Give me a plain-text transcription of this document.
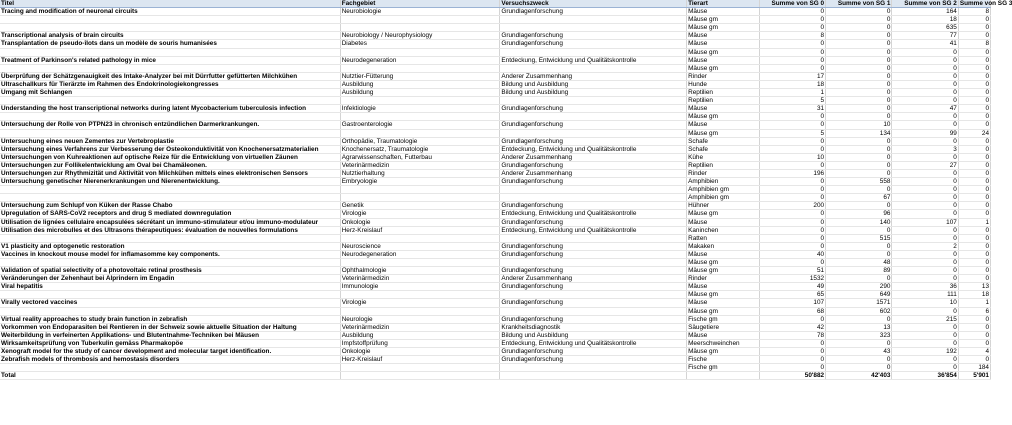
Titel	Fachgebiet	Versuchszweck	Tierart	Summe von SG 0	Summe von SG 1	Summe von SG 2	Summe von SG 3
Tracing and modification of neuronal circuits	Neurobiologie	Grundlagenforschung	Mäuse	0	0	164	8
			Mäuse gm	0	0	18	0
			Mäuse gm	0	0	635	0
Transcriptional analysis of brain circuits	Neurobiology / Neurophysiology	Grundlagenforschung	Mäuse	8	0	77	0
Transplantation de pseudo-îlots dans un modèle de souris humanisées	Diabetes	Grundlagenforschung	Mäuse	0	0	41	8
			Mäuse gm	0	0	0	0
Treatment of Parkinson's related pathology in mice	Neurodegeneration	Entdeckung, Entwicklung und Qualitätskontrolle	Mäuse	0	0	0	0
			Mäuse gm	0	0	0	0
Überprüfung der Schätzgenauigkeit des Intake-Analyzer bei mit Dürrfutter gefütterten Milchkühen	Nutztier-Fütterung	Anderer Zusammenhang	Rinder	17	0	0	0
Ultraschallkurs für Tierärzte im Rahmen des Endokrinologiekongresses	Ausbildung	Bildung und Ausbildung	Hunde	18	0	0	0
Umgang mit Schlangen	Ausbildung	Bildung und Ausbildung	Reptilien	1	0	0	0
			Reptilien	5	0	0	0
Understanding the host transcriptional networks during latent Mycobacterium tuberculosis infection	Infektiologie	Grundlagenforschung	Mäuse	31	0	47	0
			Mäuse gm	0	0	0	0
Untersuchung der Rolle von PTPN23 in chronisch entzündlichen Darmerkrankungen.	Gastroenterologie	Grundlagenforschung	Mäuse	0	10	0	0
			Mäuse gm	5	134	99	24
Untersuchung eines neuen Zementes zur Vertebroplastie	Orthopädie, Traumatologie	Grundlagenforschung	Schafe	0	0	0	0
Untersuchung eines Verfahrens zur Verbesserung der Osteokonduktivität von Knochenersatzmaterialien	Knochenersatz, Traumatologie	Entdeckung, Entwicklung und Qualitätskontrolle	Schafe	0	0	3	0
Untersuchungen von Kuhreaktionen auf optische Reize für die Entwicklung von virtuellen Zäunen	Agrarwissenschaften, Futterbau	Anderer Zusammenhang	Kühe	10	0	0	0
Untersuchungen zur Follikelentwicklung am Oval bei Chamäleonen.	Veterinärmedizin	Grundlagenforschung	Reptilien	0	0	27	0
Untersuchungen zur Rhythmizität und Aktivität von Milchkühen mittels eines elektronischen Sensors	Nutztierhaltung	Anderer Zusammenhang	Rinder	196	0	0	0
Untersuchung genetischer Nierenerkrankungen und Nierenentwicklung.	Embryologie	Grundlagenforschung	Amphibien	0	558	0	0
			Amphibien gm	0	0	0	0
			Amphibien gm	0	67	0	0
Untersuchung zum Schlupf von Küken der Rasse Chabo	Genetik	Grundlagenforschung	Hühner	200	0	0	0
Upregulation of SARS-CoV2 receptors and drug S mediated downregulation	Virologie	Entdeckung, Entwicklung und Qualitätskontrolle	Mäuse gm	0	96	0	0
Utilisation de lignées cellulaire encapsulées sécrétant un immuno-stimulateur et/ou immuno-modulateur	Onkologie	Grundlagenforschung	Mäuse	0	140	107	1
Utilisation des microbulles et des Ultrasons thérapeutiques: évaluation de nouvelles formulations	Herz-Kreislauf	Entdeckung, Entwicklung und Qualitätskontrolle	Kaninchen	0	0	0	0
			Ratten	0	515	0	0
V1 plasticity and optogenetic restoration	Neuroscience	Grundlagenforschung	Makaken	0	0	2	0
Vaccines in knockout mouse model for inflamasomme key components.	Neurodegeneration	Grundlagenforschung	Mäuse	40	0	0	0
			Mäuse gm	0	48	0	0
Validation of spatial selectivity of a photovoltaic retinal prosthesis	Ophthalmologie	Grundlagenforschung	Mäuse gm	51	89	0	0
Veränderungen der Zehenhaut bei Alprindern im Engadin	Veterinärmedizin	Anderer Zusammenhang	Rinder	1532	0	0	0
Viral hepatitis	Immunologie	Grundlagenforschung	Mäuse	49	290	36	13
			Mäuse gm	65	649	111	18
Virally vectored vaccines	Virologie	Grundlagenforschung	Mäuse	107	1571	10	1
			Mäuse gm	68	602	0	6
Virtual reality approaches to study brain function in zebrafish	Neurologie	Grundlagenforschung	Fische gm	0	0	215	0
Vorkommen von Endoparasiten bei Rentieren in der Schweiz sowie aktuelle Situation der Haltung	Veterinärmedizin	Krankheitsdiagnostik	Säugetiere	42	13	0	0
Weiterbildung in verfeinerten Applikations- und Blutentnahme-Techniken bei Mäusen	Ausbildung	Bildung und Ausbildung	Mäuse	78	323	0	0
Wirksamkeitsprüfung von Tuberkulin gemäss Pharmakopöe	Impfstoffprüfung	Entdeckung, Entwicklung und Qualitätskontrolle	Meerschweinchen	0	0	0	0
Xenograft model for the study of cancer development and molecular target identification.	Onkologie	Grundlagenforschung	Mäuse gm	0	43	192	4
Zebrafish models of thrombosis and hemostasis disorders	Herz-Kreislauf	Grundlagenforschung	Fische	0	0	0	0
			Fische gm	0	0	0	184
Total				50'882	42'403	36'854	5'901
